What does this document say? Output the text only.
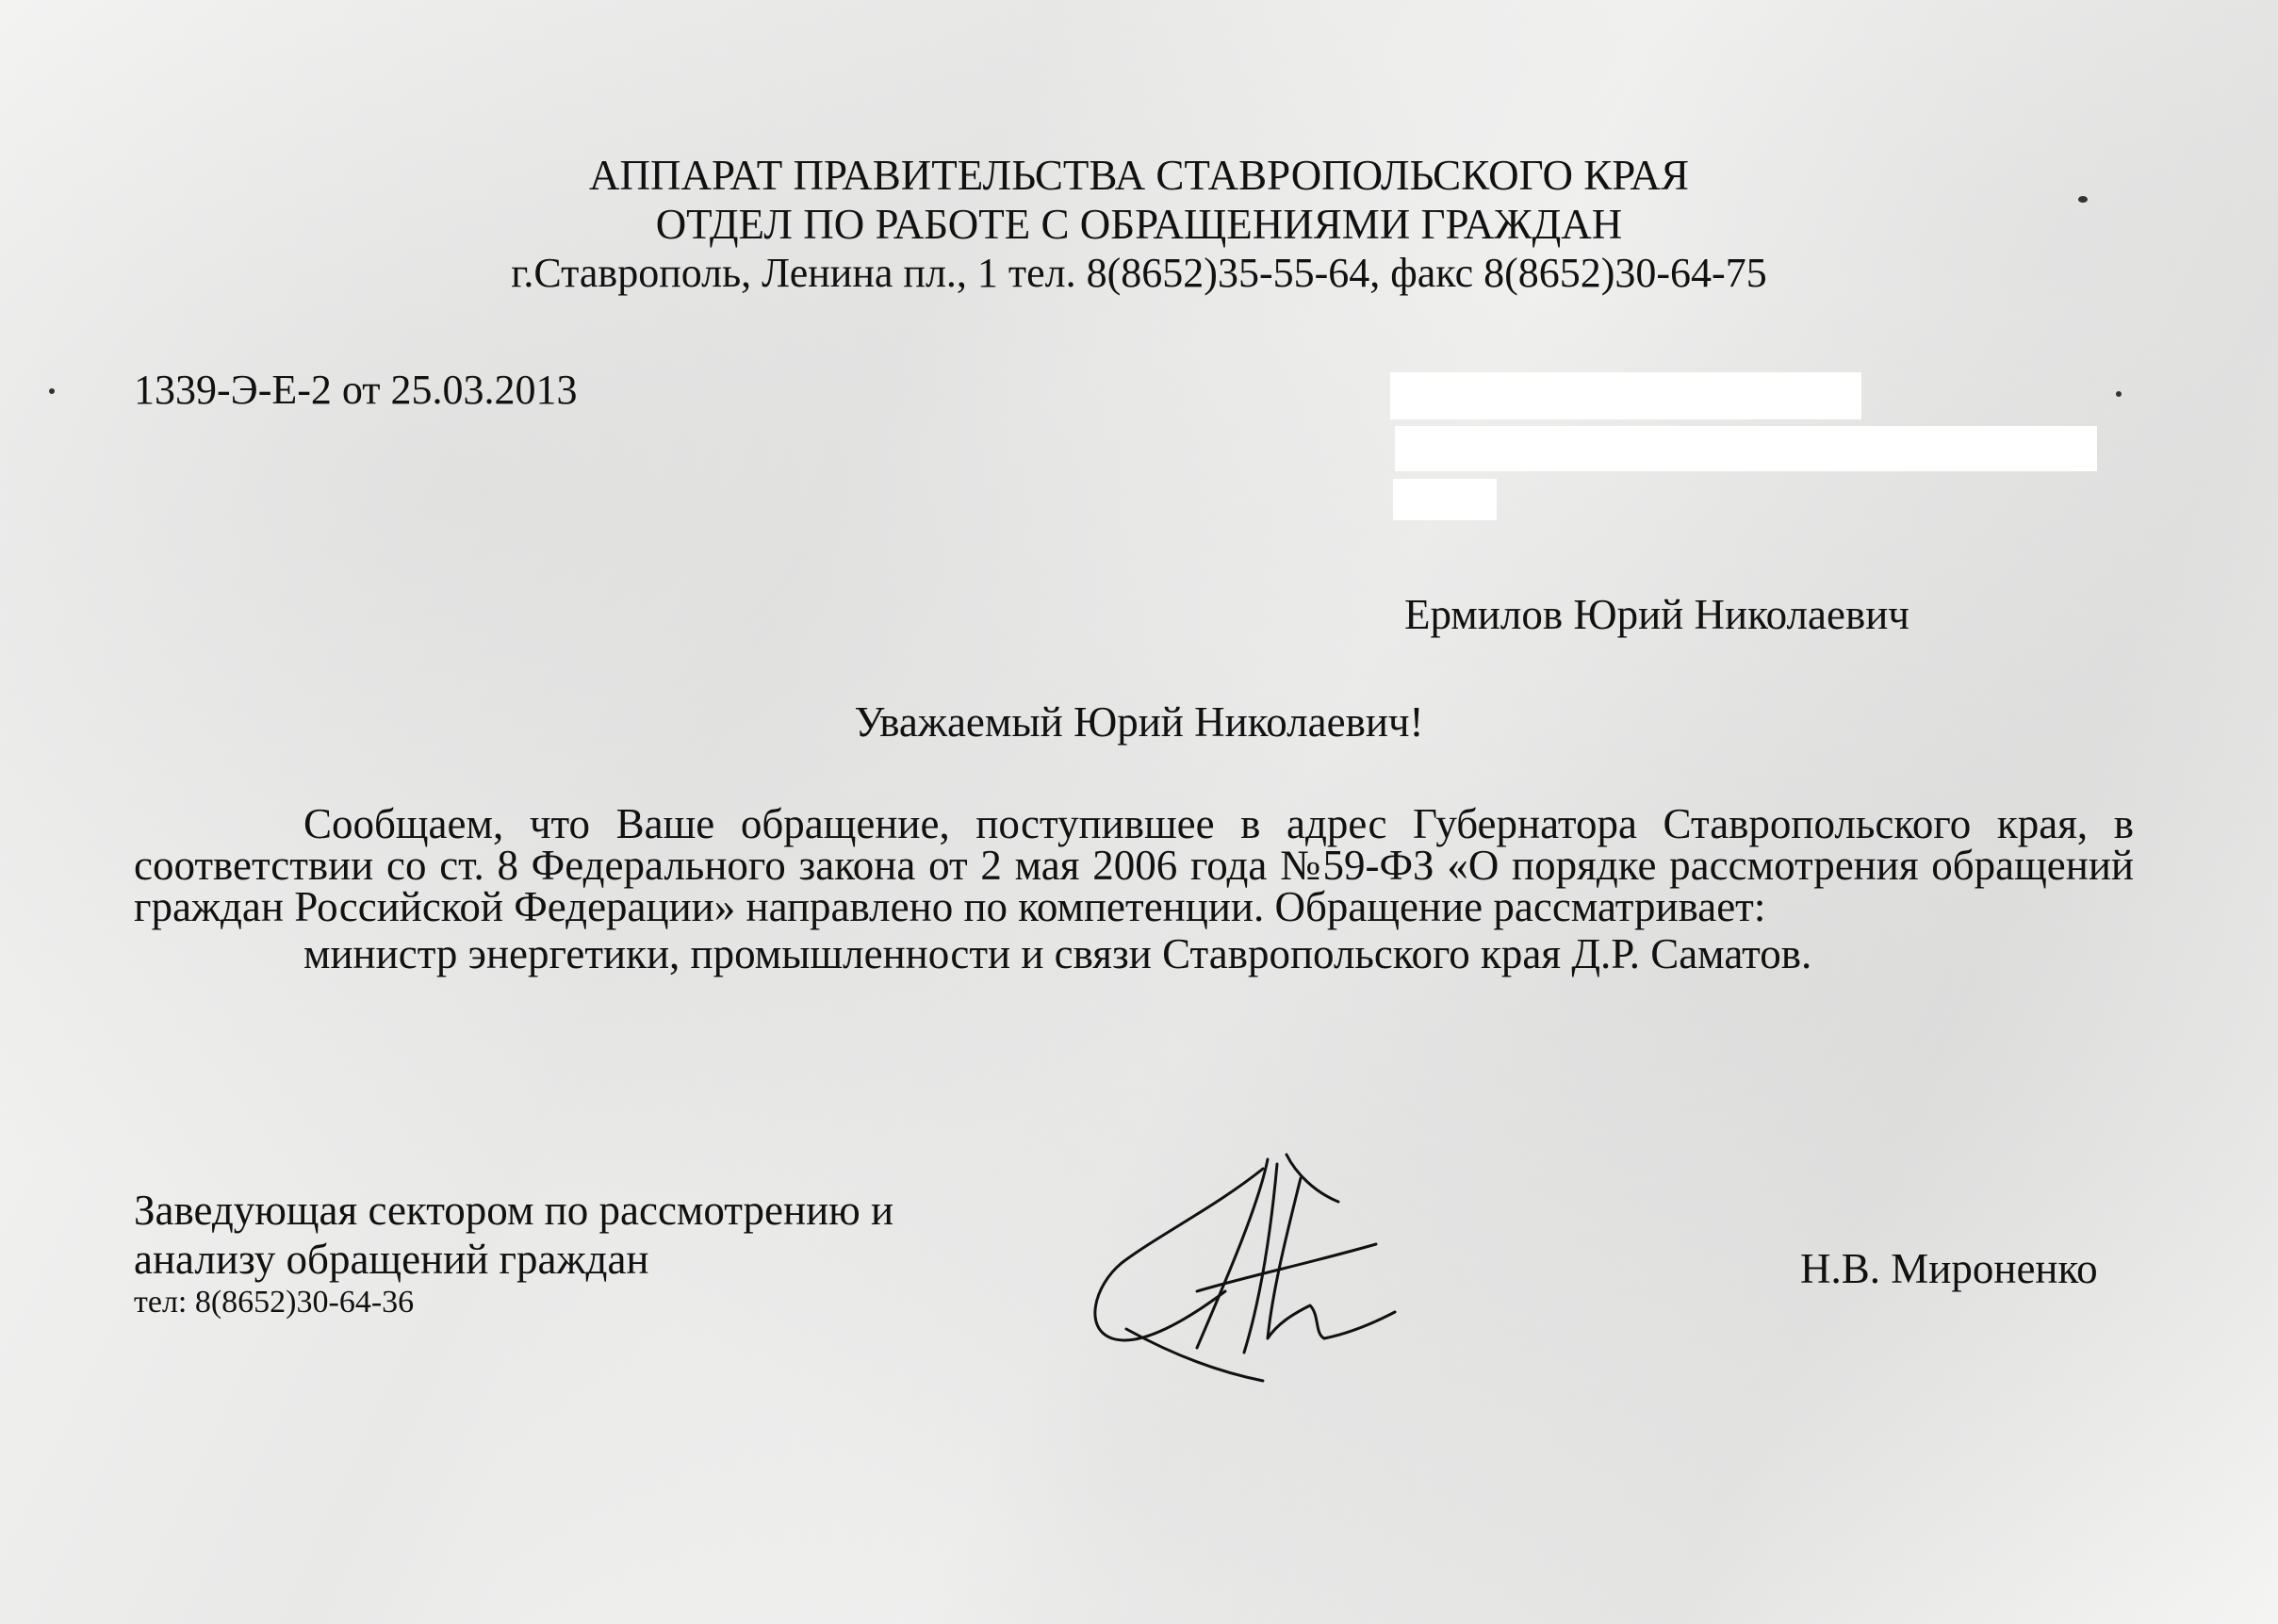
АППАРАТ ПРАВИТЕЛЬСТВА СТАВРОПОЛЬСКОГО КРАЯ
ОТДЕЛ ПО РАБОТЕ С ОБРАЩЕНИЯМИ ГРАЖДАН
г.Ставрополь, Ленина пл., 1 тел. 8(8652)35-55-64, факс 8(8652)30-64-75
1339-Э-Е-2 от 25.03.2013
Ермилов Юрий Николаевич
Уважаемый Юрий Николаевич!

Сообщаем, что Ваше обращение, поступившее в адрес Губернатора Ставропольского края, в соответствии со ст. 8 Федерального закона от 2 мая 2006 года №59-ФЗ «О порядке рассмотрения обращений граждан Российской Федерации» направлено по компетенции. Обращение рассматривает:

министр энергетики, промышленности и связи Ставропольского края Д.Р. Саматов.

Заведующая сектором по рассмотрению и
анализу обращений граждан
тел: 8(8652)30-64-36
Н.В. Мироненко
